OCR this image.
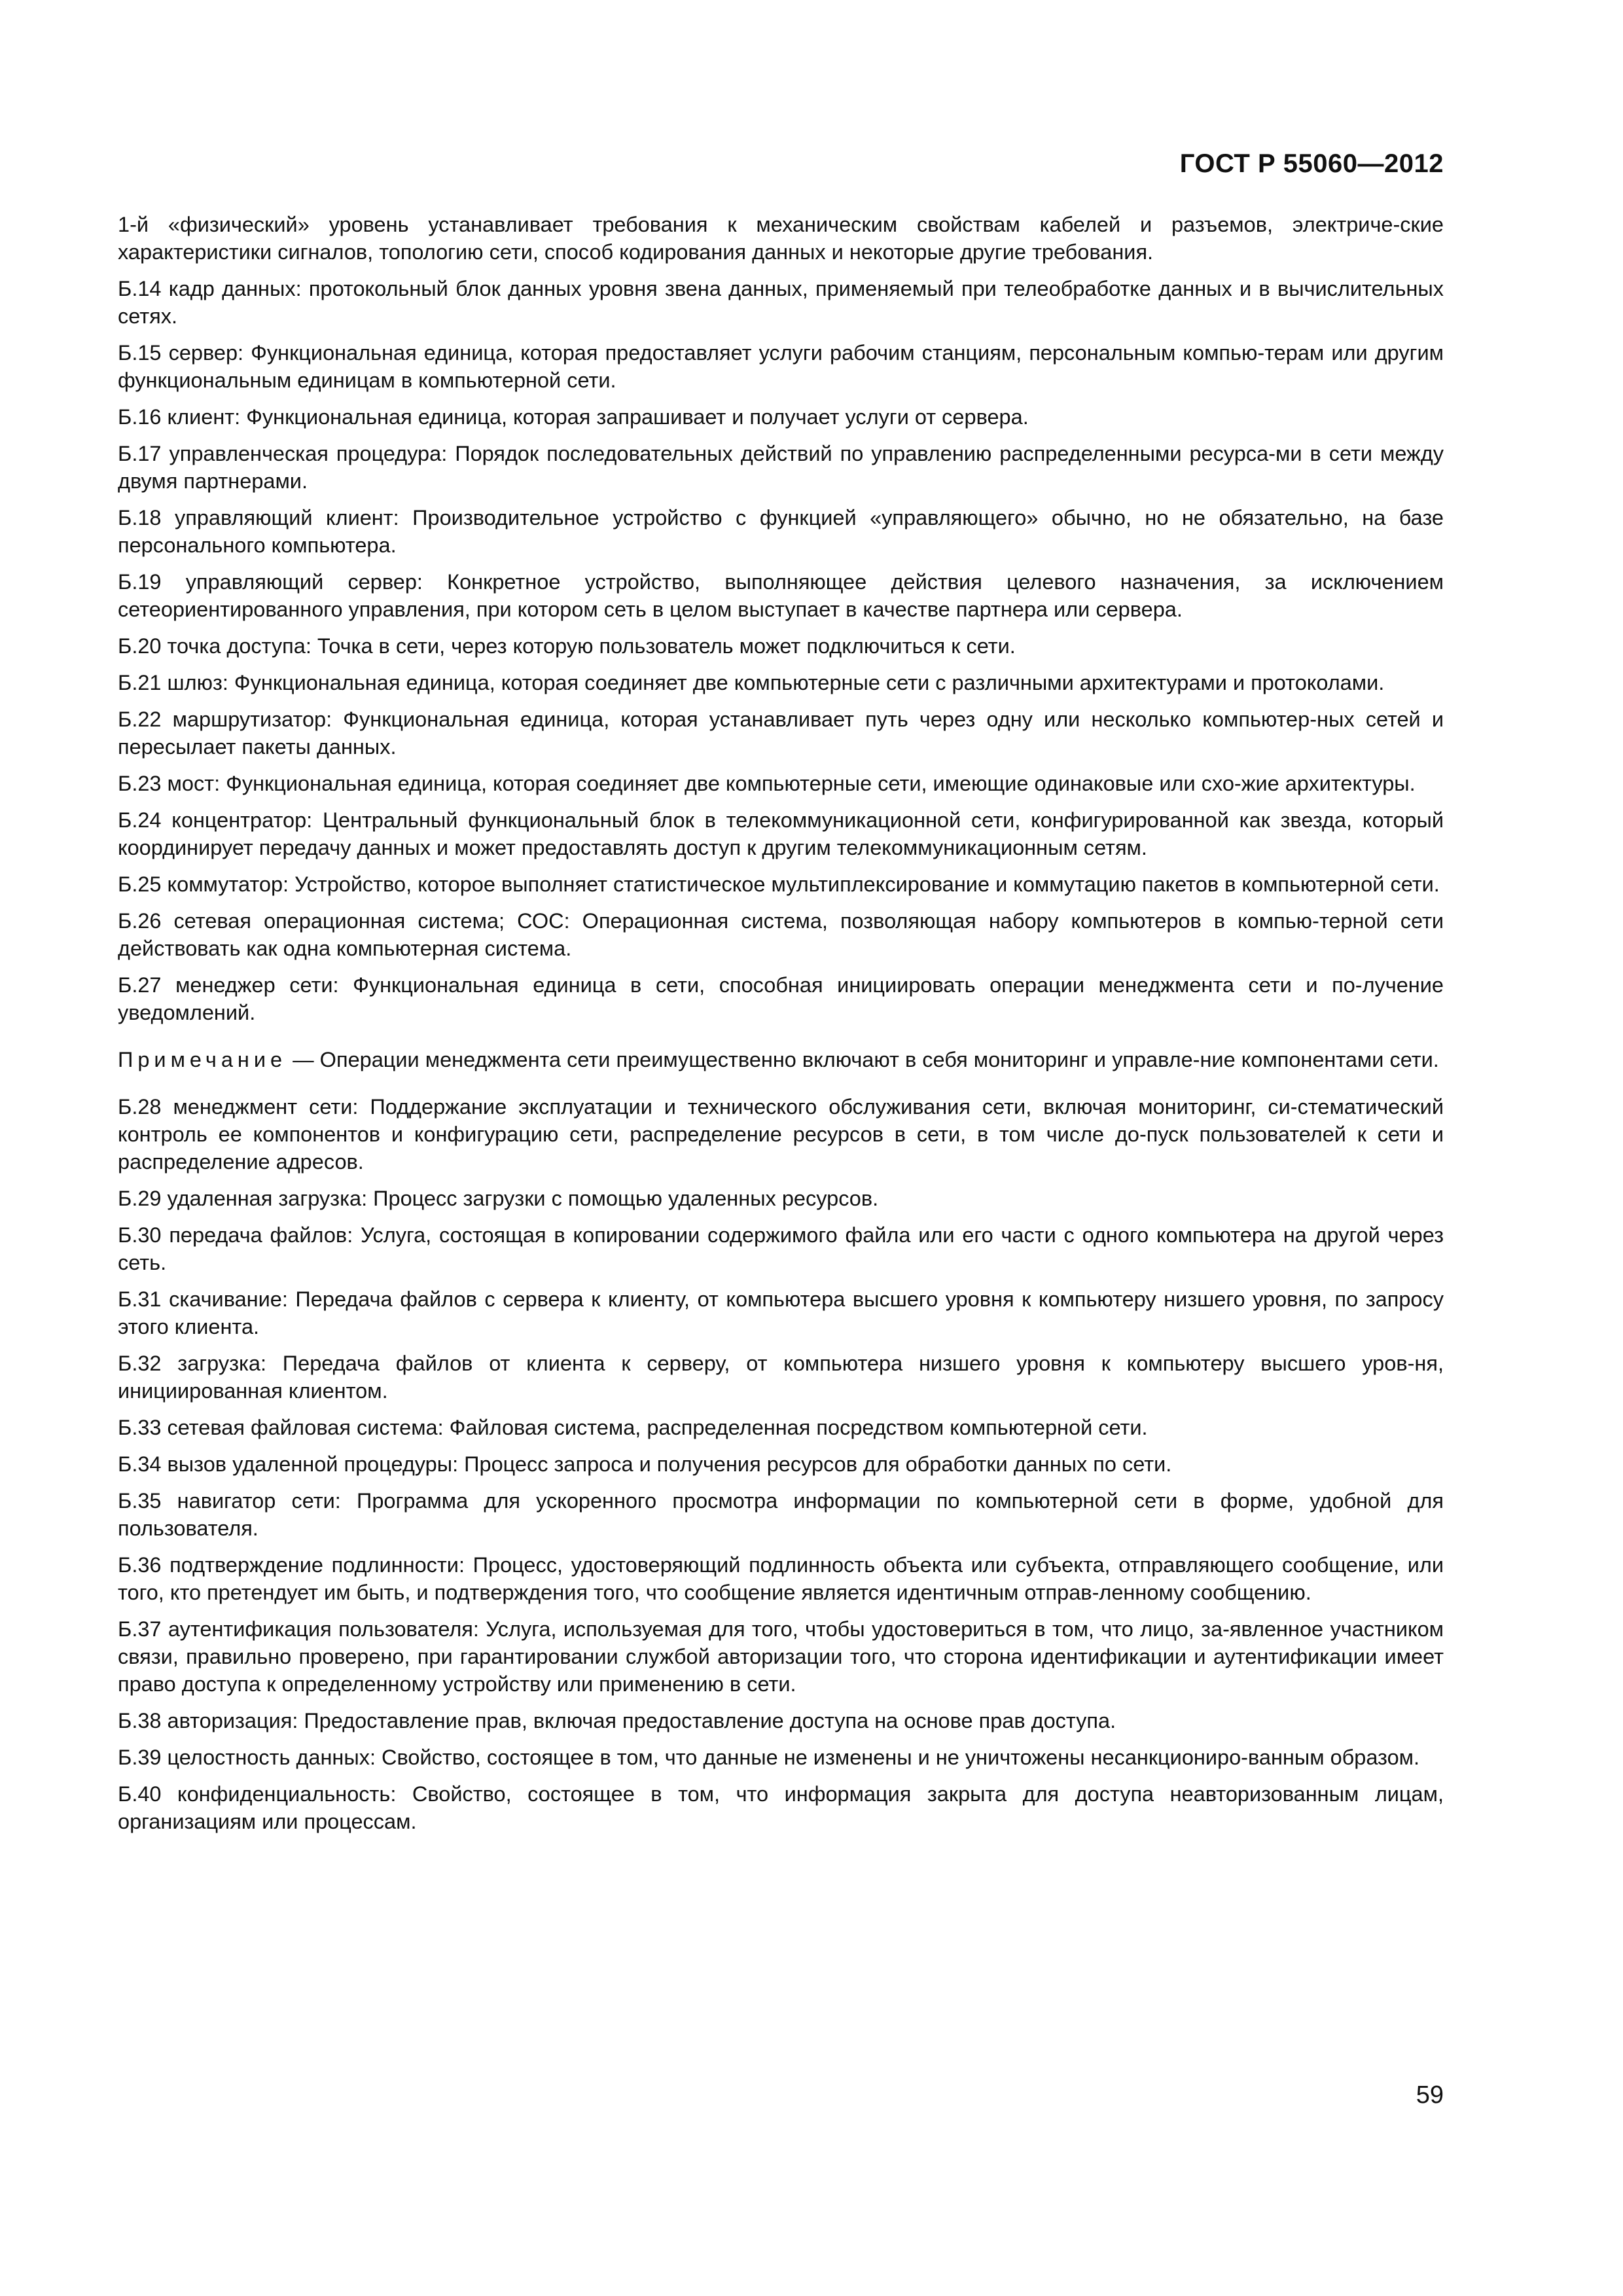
ГОСТ Р 55060—2012

1-й «физический» уровень устанавливает требования к механическим свойствам кабелей и разъемов, электриче-ские характеристики сигналов, топологию сети, способ кодирования данных и некоторые другие требования.

Б.14 кадр данных: протокольный блок данных уровня звена данных, применяемый при телеобработке данных и в вычислительных сетях.

Б.15 сервер: Функциональная единица, которая предоставляет услуги рабочим станциям, персональным компью-терам или другим функциональным единицам в компьютерной сети.

Б.16 клиент: Функциональная единица, которая запрашивает и получает услуги от сервера.

Б.17 управленческая процедура: Порядок последовательных действий по управлению распределенными ресурса-ми в сети между двумя партнерами.

Б.18 управляющий клиент: Производительное устройство с функцией «управляющего» обычно, но не обязательно, на базе персонального компьютера.

Б.19 управляющий сервер: Конкретное устройство, выполняющее действия целевого назначения, за исключением сетеориентированного управления, при котором сеть в целом выступает в качестве партнера или сервера.

Б.20 точка доступа: Точка в сети, через которую пользователь может подключиться к сети.

Б.21 шлюз: Функциональная единица, которая соединяет две компьютерные сети с различными архитектурами и протоколами.

Б.22 маршрутизатор: Функциональная единица, которая устанавливает путь через одну или несколько компьютер-ных сетей и пересылает пакеты данных.

Б.23 мост: Функциональная единица, которая соединяет две компьютерные сети, имеющие одинаковые или схо-жие архитектуры.

Б.24 концентратор: Центральный функциональный блок в телекоммуникационной сети, конфигурированной как звезда, который координирует передачу данных и может предоставлять доступ к другим телекоммуникационным сетям.

Б.25 коммутатор: Устройство, которое выполняет статистическое мультиплексирование и коммутацию пакетов в компьютерной сети.

Б.26 сетевая операционная система; СОС: Операционная система, позволяющая набору компьютеров в компью-терной сети действовать как одна компьютерная система.

Б.27 менеджер сети: Функциональная единица в сети, способная инициировать операции менеджмента сети и по-лучение уведомлений.

Примечание — Операции менеджмента сети преимущественно включают в себя мониторинг и управле-ние компонентами сети.

Б.28 менеджмент сети: Поддержание эксплуатации и технического обслуживания сети, включая мониторинг, си-стематический контроль ее компонентов и конфигурацию сети, распределение ресурсов в сети, в том числе до-пуск пользователей к сети и распределение адресов.

Б.29 удаленная загрузка: Процесс загрузки с помощью удаленных ресурсов.

Б.30 передача файлов: Услуга, состоящая в копировании содержимого файла или его части с одного компьютера на другой через сеть.

Б.31 скачивание: Передача файлов с сервера к клиенту, от компьютера высшего уровня к компьютеру низшего уровня, по запросу этого клиента.

Б.32 загрузка: Передача файлов от клиента к серверу, от компьютера низшего уровня к компьютеру высшего уров-ня, инициированная клиентом.

Б.33 сетевая файловая система: Файловая система, распределенная посредством компьютерной сети.

Б.34 вызов удаленной процедуры: Процесс запроса и получения ресурсов для обработки данных по сети.

Б.35 навигатор сети: Программа для ускоренного просмотра информации по компьютерной сети в форме, удобной для пользователя.

Б.36 подтверждение подлинности: Процесс, удостоверяющий подлинность объекта или субъекта, отправляющего сообщение, или того, кто претендует им быть, и подтверждения того, что сообщение является идентичным отправ-ленному сообщению.

Б.37 аутентификация пользователя: Услуга, используемая для того, чтобы удостовериться в том, что лицо, за-явленное участником связи, правильно проверено, при гарантировании службой авторизации того, что сторона идентификации и аутентификации имеет право доступа к определенному устройству или применению в сети.

Б.38 авторизация: Предоставление прав, включая предоставление доступа на основе прав доступа.

Б.39 целостность данных: Свойство, состоящее в том, что данные не изменены и не уничтожены несанкциониро-ванным образом.

Б.40 конфиденциальность: Свойство, состоящее в том, что информация закрыта для доступа неавторизованным лицам, организациям или процессам.

59
